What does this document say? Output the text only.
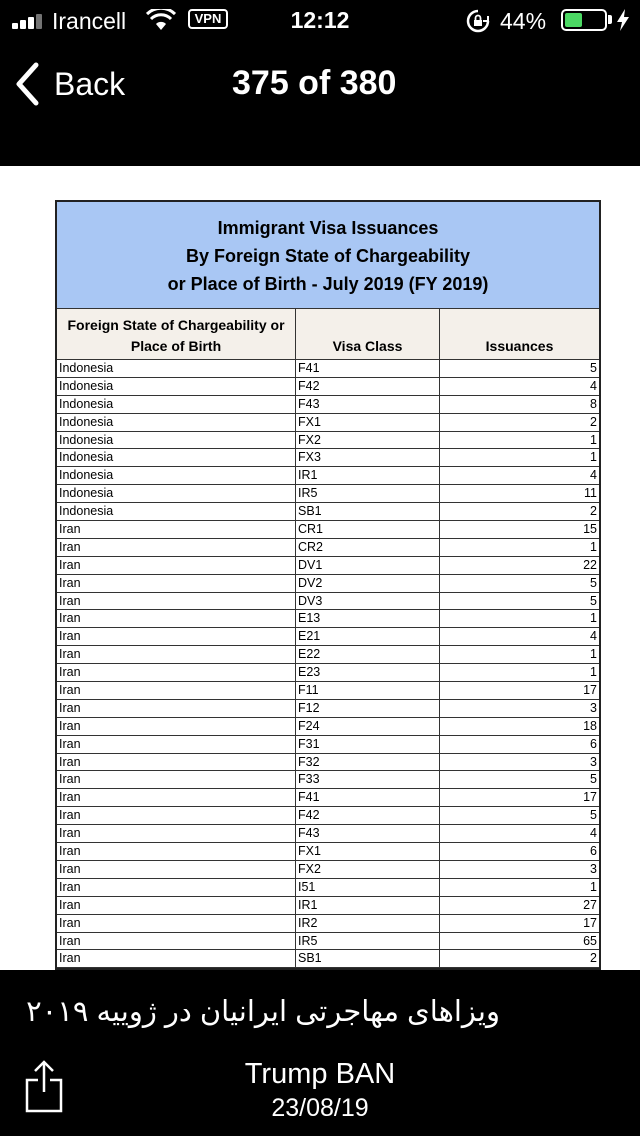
Irancell	VPN	12:12	44%
Back	375 of 380
Immigrant Visa Issuances
By Foreign State of Chargeability
or Place of Birth - July 2019 (FY 2019)
Foreign State of Chargeability or Place of Birth	Visa Class	Issuances
Indonesia	F41	5
Indonesia	F42	4
Indonesia	F43	8
Indonesia	FX1	2
Indonesia	FX2	1
Indonesia	FX3	1
Indonesia	IR1	4
Indonesia	IR5	11
Indonesia	SB1	2
Iran	CR1	15
Iran	CR2	1
Iran	DV1	22
Iran	DV2	5
Iran	DV3	5
Iran	E13	1
Iran	E21	4
Iran	E22	1
Iran	E23	1
Iran	F11	17
Iran	F12	3
Iran	F24	18
Iran	F31	6
Iran	F32	3
Iran	F33	5
Iran	F41	17
Iran	F42	5
Iran	F43	4
Iran	FX1	6
Iran	FX2	3
Iran	I51	1
Iran	IR1	27
Iran	IR2	17
Iran	IR5	65
Iran	SB1	2
ویزاهای مهاجرتی ایرانیان در ژوییه ۲۰۱۹
Trump BAN
23/08/19
